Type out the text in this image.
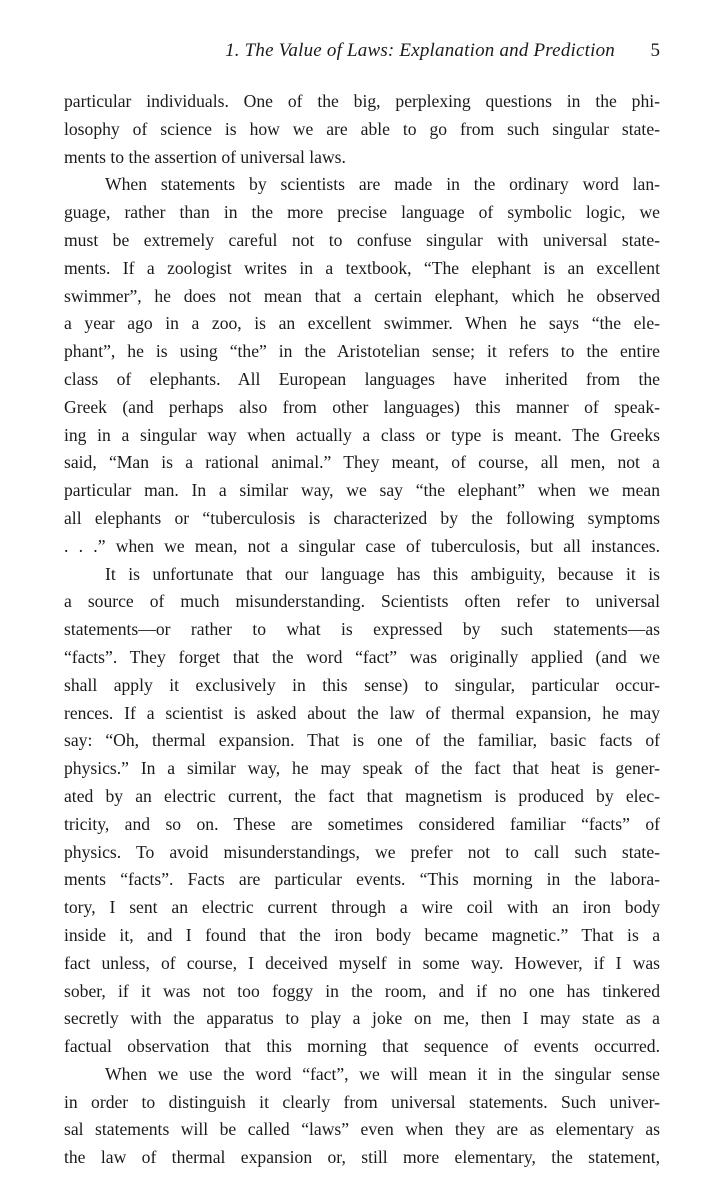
1. The Value of Laws: Explanation and Prediction	5
particular individuals. One of the big, perplexing questions in the phi-
losophy of science is how we are able to go from such singular state-
ments to the assertion of universal laws.
When statements by scientists are made in the ordinary word lan-
guage, rather than in the more precise language of symbolic logic, we
must be extremely careful not to confuse singular with universal state-
ments. If a zoologist writes in a textbook, “The elephant is an excellent
swimmer”, he does not mean that a certain elephant, which he observed
a year ago in a zoo, is an excellent swimmer. When he says “the ele-
phant”, he is using “the” in the Aristotelian sense; it refers to the entire
class of elephants. All European languages have inherited from the
Greek (and perhaps also from other languages) this manner of speak-
ing in a singular way when actually a class or type is meant. The Greeks
said, “Man is a rational animal.” They meant, of course, all men, not a
particular man. In a similar way, we say “the elephant” when we mean
all elephants or “tuberculosis is characterized by the following symptoms
. . .” when we mean, not a singular case of tuberculosis, but all instances.
It is unfortunate that our language has this ambiguity, because it is
a source of much misunderstanding. Scientists often refer to universal
statements—or rather to what is expressed by such statements—as
“facts”. They forget that the word “fact” was originally applied (and we
shall apply it exclusively in this sense) to singular, particular occur-
rences. If a scientist is asked about the law of thermal expansion, he may
say: “Oh, thermal expansion. That is one of the familiar, basic facts of
physics.” In a similar way, he may speak of the fact that heat is gener-
ated by an electric current, the fact that magnetism is produced by elec-
tricity, and so on. These are sometimes considered familiar “facts” of
physics. To avoid misunderstandings, we prefer not to call such state-
ments “facts”. Facts are particular events. “This morning in the labora-
tory, I sent an electric current through a wire coil with an iron body
inside it, and I found that the iron body became magnetic.” That is a
fact unless, of course, I deceived myself in some way. However, if I was
sober, if it was not too foggy in the room, and if no one has tinkered
secretly with the apparatus to play a joke on me, then I may state as a
factual observation that this morning that sequence of events occurred.
When we use the word “fact”, we will mean it in the singular sense
in order to distinguish it clearly from universal statements. Such univer-
sal statements will be called “laws” even when they are as elementary as
the law of thermal expansion or, still more elementary, the statement,
